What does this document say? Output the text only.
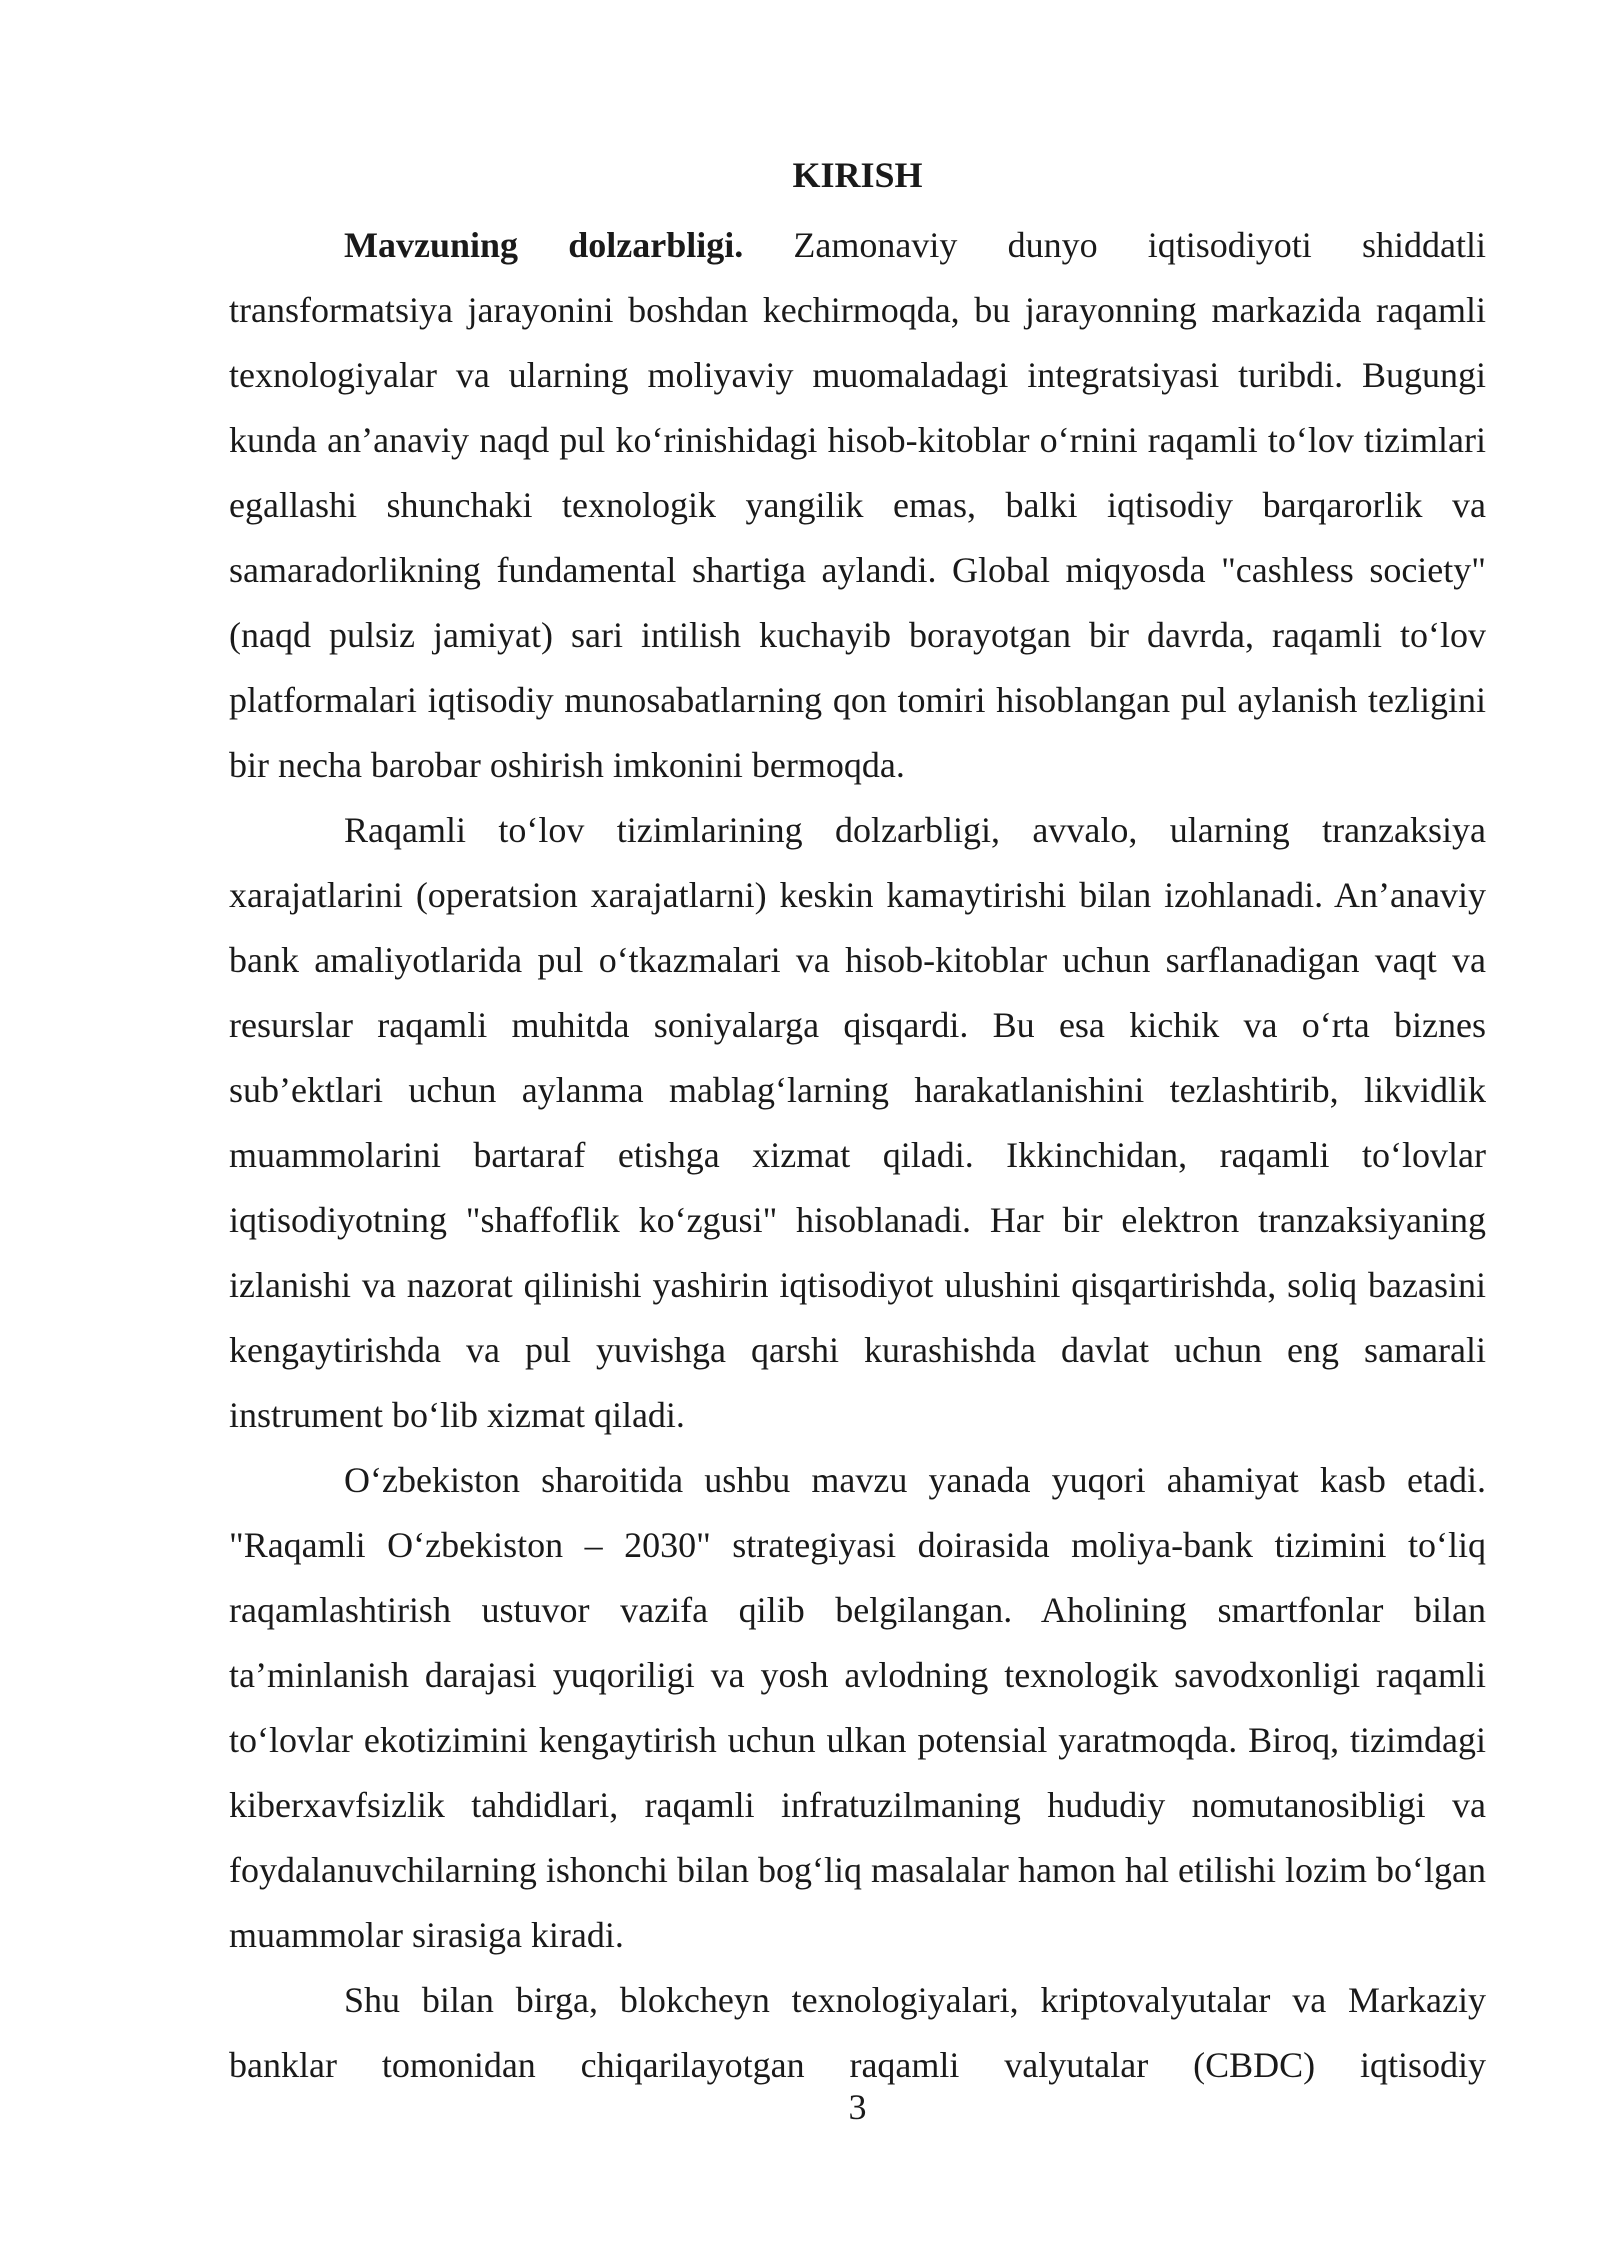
KIRISH

Mavzuning dolzarbligi. Zamonaviy dunyo iqtisodiyoti shiddatli transformatsiya jarayonini boshdan kechirmoqda, bu jarayonning markazida raqamli texnologiyalar va ularning moliyaviy muomaladagi integratsiyasi turibdi. Bugungi kunda an’anaviy naqd pul koʻrinishidagi hisob-kitoblar oʻrnini raqamli toʻlov tizimlari egallashi shunchaki texnologik yangilik emas, balki iqtisodiy barqarorlik va samaradorlikning fundamental shartiga aylandi. Global miqyosda "cashless society" (naqd pulsiz jamiyat) sari intilish kuchayib borayotgan bir davrda, raqamli toʻlov platformalari iqtisodiy munosabatlarning qon tomiri hisoblangan pul aylanish tezligini bir necha barobar oshirish imkonini bermoqda.

Raqamli toʻlov tizimlarining dolzarbligi, avvalo, ularning tranzaksiya xarajatlarini (operatsion xarajatlarni) keskin kamaytirishi bilan izohlanadi. An’anaviy bank amaliyotlarida pul oʻtkazmalari va hisob-kitoblar uchun sarflanadigan vaqt va resurslar raqamli muhitda soniyalarga qisqardi. Bu esa kichik va oʻrta biznes sub’ektlari uchun aylanma mablagʻlarning harakatlanishini tezlashtirib, likvidlik muammolarini bartaraf etishga xizmat qiladi. Ikkinchidan, raqamli toʻlovlar iqtisodiyotning "shaffoflik koʻzgusi" hisoblanadi. Har bir elektron tranzaksiyaning izlanishi va nazorat qilinishi yashirin iqtisodiyot ulushini qisqartirishda, soliq bazasini kengaytirishda va pul yuvishga qarshi kurashishda davlat uchun eng samarali instrument boʻlib xizmat qiladi.

Oʻzbekiston sharoitida ushbu mavzu yanada yuqori ahamiyat kasb etadi. "Raqamli Oʻzbekiston – 2030" strategiyasi doirasida moliya-bank tizimini toʻliq raqamlashtirish ustuvor vazifa qilib belgilangan. Aholining smartfonlar bilan ta’minlanish darajasi yuqoriligi va yosh avlodning texnologik savodxonligi raqamli toʻlovlar ekotizimini kengaytirish uchun ulkan potensial yaratmoqda. Biroq, tizimdagi kiberxavfsizlik tahdidlari, raqamli infratuzilmaning hududiy nomutanosibligi va foydalanuvchilarning ishonchi bilan bogʻliq masalalar hamon hal etilishi lozim boʻlgan muammolar sirasiga kiradi.

Shu bilan birga, blokcheyn texnologiyalari, kriptovalyutalar va Markaziy banklar tomonidan chiqarilayotgan raqamli valyutalar (CBDC) iqtisodiy

3
